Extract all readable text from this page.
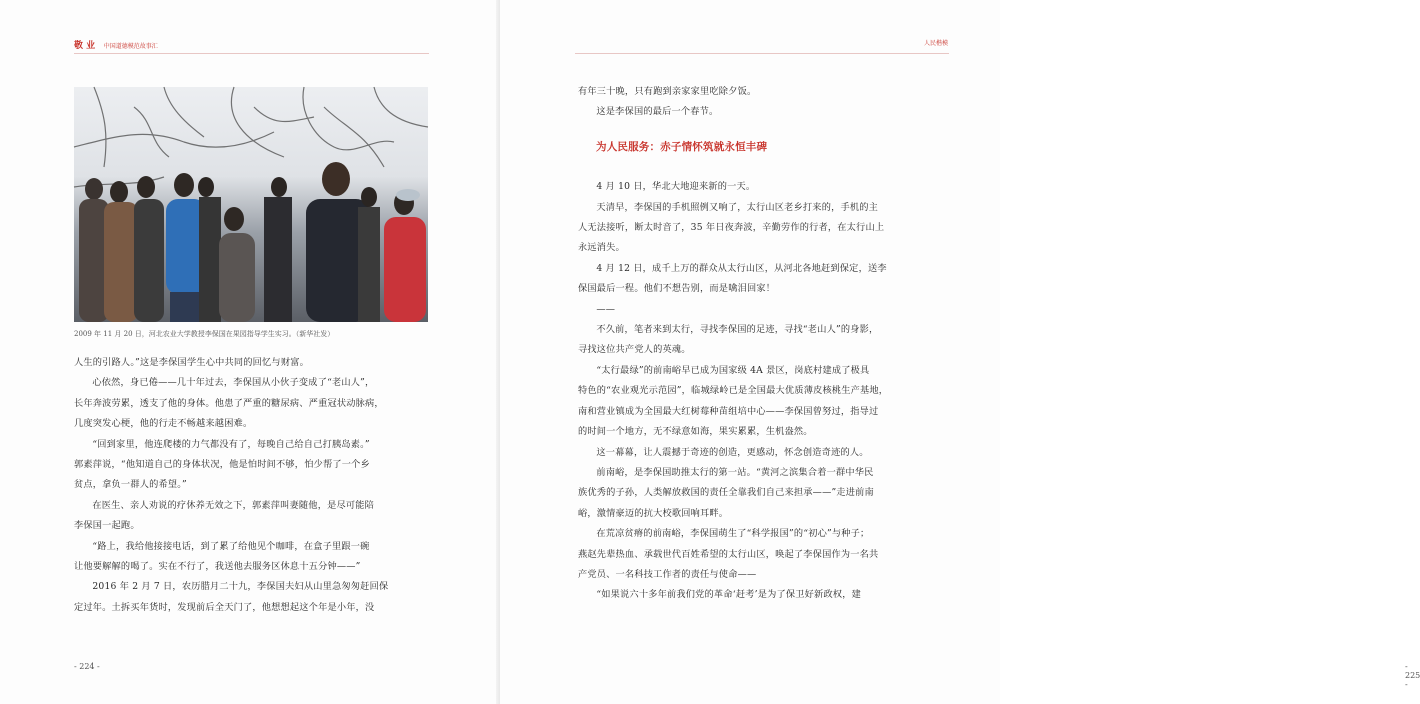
敬 业 中国道德模范故事汇
2009 年 11 月 20 日，河北农业大学教授李保国在果园指导学生实习。（新华社发）

人生的引路人。”这是李保国学生心中共同的回忆与财富。

心依然，身已倦——几十年过去，李保国从小伙子变成了“老山人”，

长年奔波劳累，透支了他的身体。他患了严重的糖尿病、严重冠状动脉病，

几度突发心梗，他的行走不畅越来越困难。

“回到家里，他连爬楼的力气都没有了，每晚自己给自己打胰岛素。”

郭素萍说，“他知道自己的身体状况，他是怕时间不够，怕少帮了一个乡

贫点，拿负一群人的希望。”

在医生、亲人劝说的疗休养无效之下，郭素萍叫妻随他，是尽可能陪

李保国一起跑。

“路上，我给他接接电话，到了累了给他见个咖啡，在盒子里跟一碗

让他要解解的喝了。实在不行了，我送他去服务区休息十五分钟——”

2016 年 2 月 7 日，农历腊月二十九，李保国夫妇从山里急匆匆赶回保

定过年。土拆买年货时，发现前后全天门了，他想想起这个年是小年，没

- 224 -
人民楷模
- 225 -

有年三十晚，只有跑到亲家家里吃除夕饭。

这是李保国的最后一个春节。

为人民服务：赤子情怀筑就永恒丰碑

4 月 10 日，华北大地迎来新的一天。

天清早，李保国的手机照例又响了，太行山区老乡打来的，手机的主

人无法接听，断太时音了，35 年日夜奔波，辛勤劳作的行者，在太行山上

永远消失。

4 月 12 日，成千上万的群众从太行山区，从河北各地赶到保定，送李

保国最后一程。他们不想告别，而是噙泪回家！

——

不久前，笔者来到太行，寻找李保国的足迹，寻找“老山人”的身影，

寻找这位共产党人的英魂。

“太行最绿”的前南峪早已成为国家级 4A 景区，岗底村建成了极具

特色的“农业观光示范园”，临城绿岭已是全国最大优质薄皮核桃生产基地，

南和营业镇成为全国最大红树莓种苗组培中心——李保国曾努过，指导过

的时间一个地方，无不绿意如海，果实累累，生机盎然。

这一幕幕，让人震撼于奇迹的创造，更感动，怀念创造奇迹的人。

前南峪，是李保国助推太行的第一站。“黄河之滨集合着一群中华民

族优秀的子孙，人类解放救国的责任全靠我们自己来担承——”走进前南

峪，激情豪迈的抗大校歌回响耳畔。

在荒凉贫瘠的前南峪，李保国萌生了“科学报国”的“初心”与种子；

燕赵先辈热血、承载世代百姓希望的太行山区，唤起了李保国作为一名共

产党员、一名科技工作者的责任与使命——

“如果说六十多年前我们党的革命‘赶考’是为了保卫好新政权，建
